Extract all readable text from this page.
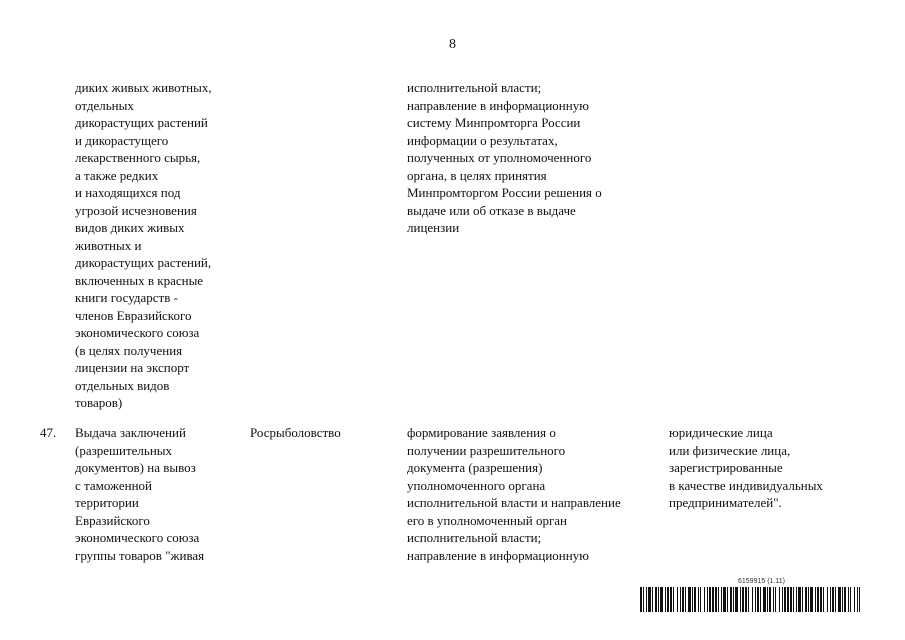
8
диких живых животных,
отдельных
дикорастущих растений
и дикорастущего
лекарственного сырья,
а также редких
и находящихся под
угрозой исчезновения
видов диких живых
животных и
дикорастущих растений,
включенных в красные
книги государств -
членов Евразийского
экономического союза
(в целях получения
лицензии на экспорт
отдельных видов
товаров)
исполнительной власти;
направление в информационную
систему Минпромторга России
информации о результатах,
полученных от уполномоченного
органа, в целях принятия
Минпромторгом России решения о
выдаче или об отказе в выдаче
лицензии
47. Выдача заключений
(разрешительных
документов) на вывоз
с таможенной
территории
Евразийского
экономического союза
группы товаров "живая
Росрыболовство	формирование заявления о
получении разрешительного
документа (разрешения)
уполномоченного органа
исполнительной власти и направление
его в уполномоченный орган
исполнительной власти;
направление в информационную
юридические лица
или физические лица,
зарегистрированные
в качестве индивидуальных
предпринимателей".
6159915 (1.11)
